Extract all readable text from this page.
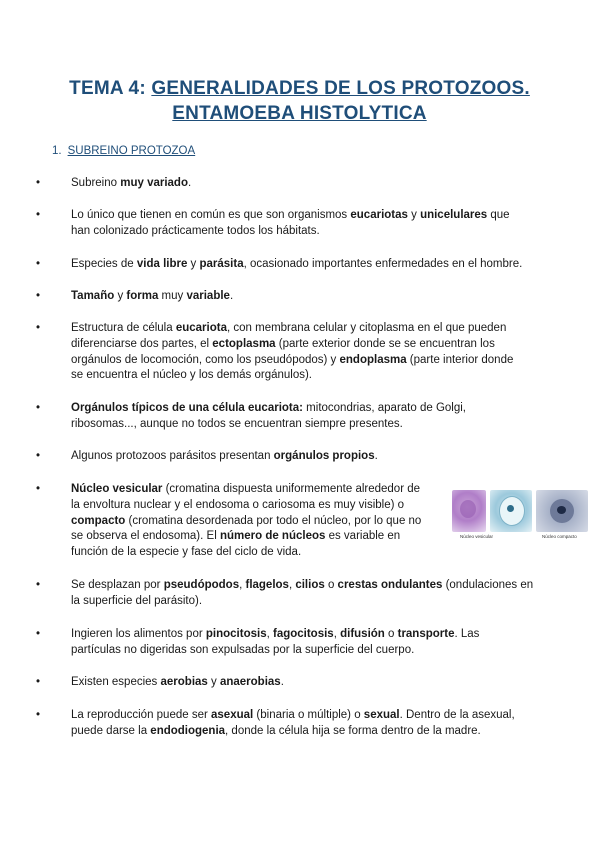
TEMA 4: GENERALIDADES DE LOS PROTOZOOS.
ENTAMOEBA HISTOLYTICA
1. SUBREINO PROTOZOA
•	Subreino muy variado.
•	Lo único que tienen en común es que son organismos eucariotas y unicelulares que
han colonizado prácticamente todos los hábitats.
•	Especies de vida libre y parásita, ocasionado importantes enfermedades en el hombre.
•	Tamaño y forma muy variable.
•	Estructura de célula eucariota, con membrana celular y citoplasma en el que pueden
diferenciarse dos partes, el ectoplasma (parte exterior donde se se encuentran los
orgánulos de locomoción, como los pseudópodos) y endoplasma (parte interior donde
se encuentra el núcleo y los demás orgánulos).
•	Orgánulos típicos de una célula eucariota: mitocondrias, aparato de Golgi,
ribosomas..., aunque no todos se encuentran siempre presentes.
•	Algunos protozoos parásitos presentan orgánulos propios.
•	Núcleo vesicular (cromatina dispuesta uniformemente alrededor de
la envoltura nuclear y el endosoma o cariosoma es muy visible) o
compacto (cromatina desordenada por todo el núcleo, por lo que no
se observa el endosoma). El número de núcleos es variable en
función de la especie y fase del ciclo de vida.
•	Se desplazan por pseudópodos, flagelos, cilios o crestas ondulantes (ondulaciones en
la superficie del parásito).
•	Ingieren los alimentos por pinocitosis, fagocitosis, difusión o transporte. Las
partículas no digeridas son expulsadas por la superficie del cuerpo.
•	Existen especies aerobias y anaerobias.
•	La reproducción puede ser asexual (binaria o múltiple) o sexual. Dentro de la asexual,
puede darse la endodiogenia, donde la célula hija se forma dentro de la madre.
Núcleo vesicular	Núcleo compacto
